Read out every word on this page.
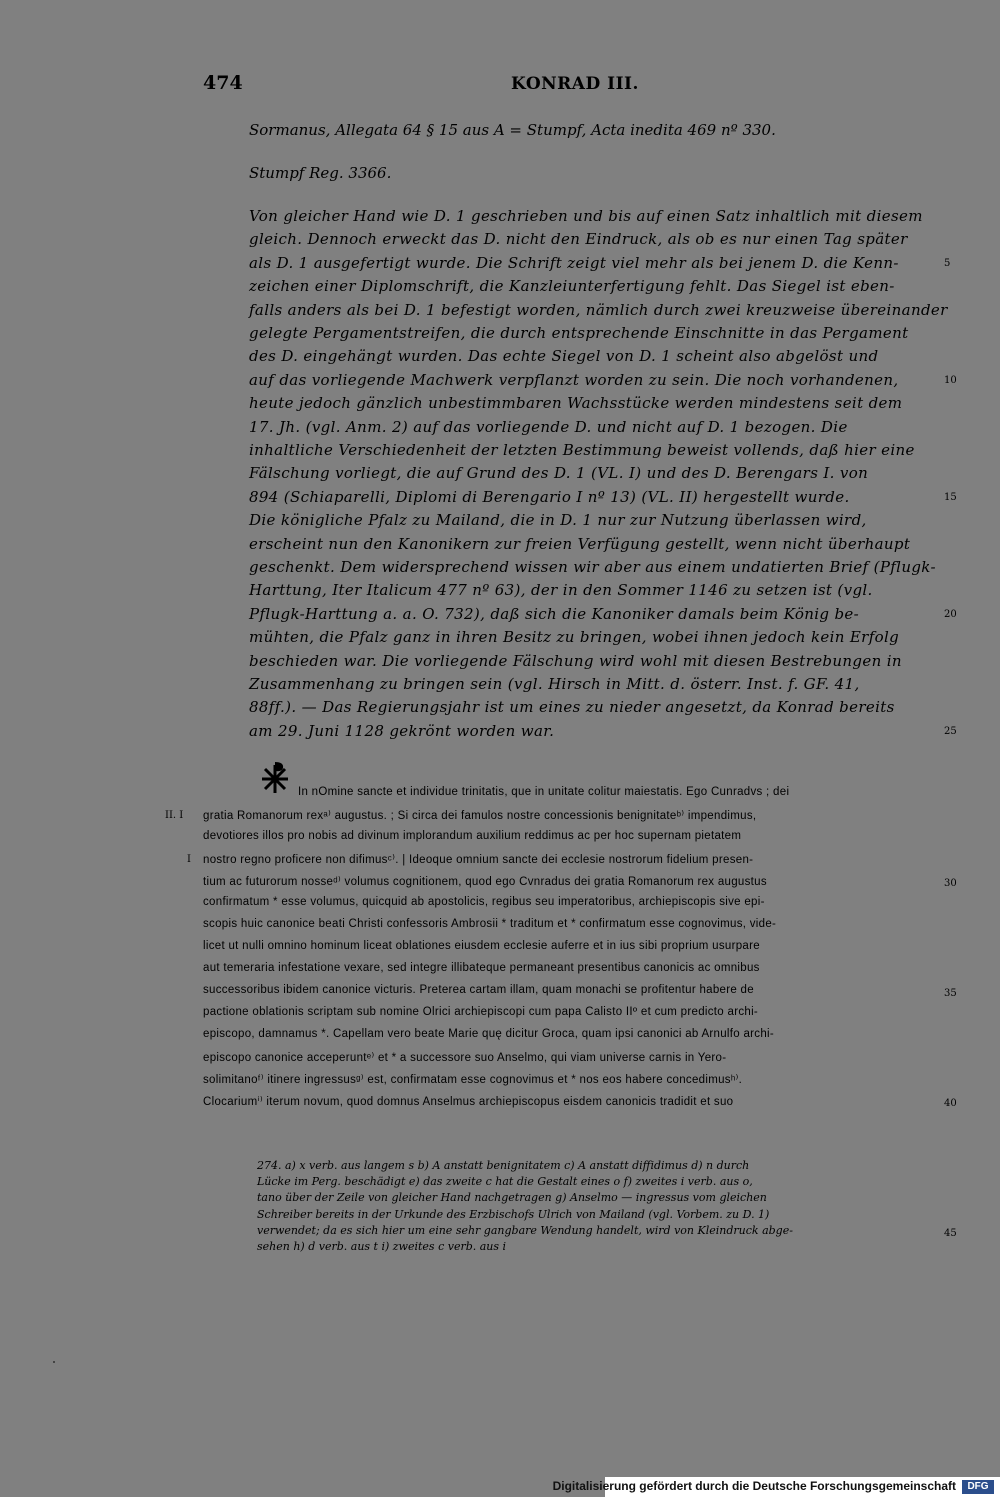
474	KONRAD III.
Sormanus, Allegata 64 § 15 aus A = Stumpf, Acta inedita 469 nº 330.
Stumpf Reg. 3366.
Von gleicher Hand wie D. 1 geschrieben und bis auf einen Satz inhaltlich mit diesem
gleich. Dennoch erweckt das D. nicht den Eindruck, als ob es nur einen Tag später
als D. 1 ausgefertigt wurde. Die Schrift zeigt viel mehr als bei jenem D. die Kenn-	5
zeichen einer Diplomschrift, die Kanzleiunterfertigung fehlt. Das Siegel ist eben-
falls anders als bei D. 1 befestigt worden, nämlich durch zwei kreuzweise übereinander
gelegte Pergamentstreifen, die durch entsprechende Einschnitte in das Pergament
des D. eingehängt wurden. Das echte Siegel von D. 1 scheint also abgelöst und
auf das vorliegende Machwerk verpflanzt worden zu sein. Die noch vorhandenen,	10
heute jedoch gänzlich unbestimmbaren Wachsstücke werden mindestens seit dem
17. Jh. (vgl. Anm. 2) auf das vorliegende D. und nicht auf D. 1 bezogen. Die
inhaltliche Verschiedenheit der letzten Bestimmung beweist vollends, daß hier eine
Fälschung vorliegt, die auf Grund des D. 1 (VL. I) und des D. Berengars I. von
894 (Schiaparelli, Diplomi di Berengario I nº 13) (VL. II) hergestellt wurde.	15
Die königliche Pfalz zu Mailand, die in D. 1 nur zur Nutzung überlassen wird,
erscheint nun den Kanonikern zur freien Verfügung gestellt, wenn nicht überhaupt
geschenkt. Dem widersprechend wissen wir aber aus einem undatierten Brief (Pflugk-
Harttung, Iter Italicum 477 nº 63), der in den Sommer 1146 zu setzen ist (vgl.
Pflugk-Harttung a. a. O. 732), daß sich die Kanoniker damals beim König be-	20
mühten, die Pfalz ganz in ihren Besitz zu bringen, wobei ihnen jedoch kein Erfolg
beschieden war. Die vorliegende Fälschung wird wohl mit diesen Bestrebungen in
Zusammenhang zu bringen sein (vgl. Hirsch in Mitt. d. österr. Inst. f. GF. 41,
88ff.). — Das Regierungsjahr ist um eines zu nieder angesetzt, da Konrad bereits
am 29. Juni 1128 gekrönt worden war.	25
In nOmine sancte et individue trinitatis, que in unitate colitur maiestatis. Ego Cunradvs ; dei
gratia Romanorum rexᵃ⁾ augustus. ; Si circa dei famulos nostre concessionis benignitateᵇ⁾ impendimus,
II. I
devotiores illos pro nobis ad divinum implorandum auxilium reddimus ac per hoc supernam pietatem
nostro regno proficere non difimusᶜ⁾. | Ideoque omnium sancte dei ecclesie nostrorum fidelium presen-
I
tium ac futurorum nosseᵈ⁾ volumus cognitionem, quod ego Cvnradus dei gratia Romanorum rex augustus	30
confirmatum * esse volumus, quicquid ab apostolicis, regibus seu imperatoribus, archiepiscopis sive epi-
scopis huic canonice beati Christi confessoris Ambrosii * traditum et * confirmatum esse cognovimus, vide-
licet ut nulli omnino hominum liceat oblationes eiusdem ecclesie auferre et in ius sibi proprium usurpare
aut temeraria infestatione vexare, sed integre illibateque permaneant presentibus canonicis ac omnibus
successoribus ibidem canonice victuris. Preterea cartam illam, quam monachi se profitentur habere de	35
pactione oblationis scriptam sub nomine Olrici archiepiscopi cum papa Calisto IIº et cum predicto archi-
episcopo, damnamus *. Capellam vero beate Marie quę dicitur Groca, quam ipsi canonici ab Arnulfo archi-
episcopo canonice acceperuntᵉ⁾ et * a successore suo Anselmo, qui viam universe carnis in Yero-
solimitanoᶠ⁾ itinere ingressusᵍ⁾ est, confirmatam esse cognovimus et * nos eos habere concedimusʰ⁾.
Clocariumⁱ⁾ iterum novum, quod domnus Anselmus archiepiscopus eisdem canonicis tradidit et suo	40
274. a) x verb. aus langem s b) A anstatt benignitatem c) A anstatt diffidimus d) n durch
Lücke im Perg. beschädigt e) das zweite c hat die Gestalt eines o f) zweites i verb. aus o,
tano über der Zeile von gleicher Hand nachgetragen g) Anselmo — ingressus vom gleichen
Schreiber bereits in der Urkunde des Erzbischofs Ulrich von Mailand (vgl. Vorbem. zu D. 1)
verwendet; da es sich hier um eine sehr gangbare Wendung handelt, wird von Kleindruck abge-	45
sehen h) d verb. aus t i) zweites c verb. aus i
Digitalisierung gefördert durch die Deutsche Forschungsgemeinschaft	DFG
